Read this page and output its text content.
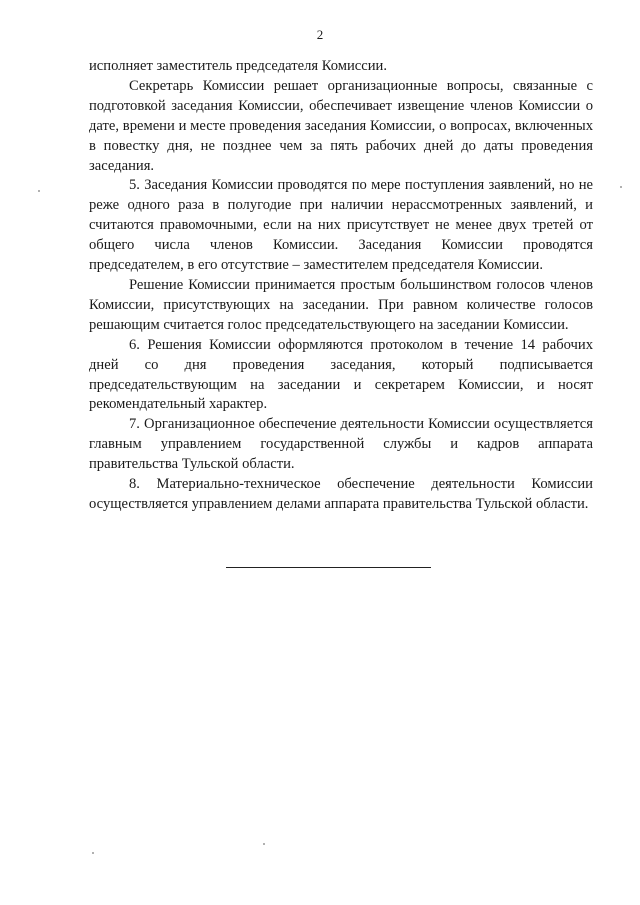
2

исполняет заместитель председателя Комиссии.

Секретарь Комиссии решает организационные вопросы, связанные с подготовкой заседания Комиссии, обеспечивает извещение членов Комиссии о дате, времени и месте проведения заседания Комиссии, о вопросах, включенных в повестку дня, не позднее чем за пять рабочих дней до даты проведения заседания.

5. Заседания Комиссии проводятся по мере поступления заявлений, но не реже одного раза в полугодие при наличии нерассмотренных заявлений, и считаются правомочными, если на них присутствует не менее двух третей от общего числа членов Комиссии. Заседания Комиссии проводятся председателем, в его отсутствие – заместителем председателя Комиссии.

Решение Комиссии принимается простым большинством голосов членов Комиссии, присутствующих на заседании. При равном количестве голосов решающим считается голос председательствующего на заседании Комиссии.

6. Решения Комиссии оформляются протоколом в течение 14 рабочих дней со дня проведения заседания, который подписывается председательствующим на заседании и секретарем Комиссии, и носят рекомендательный характер.

7. Организационное обеспечение деятельности Комиссии осуществляется главным управлением государственной службы и кадров аппарата правительства Тульской области.

8. Материально-техническое обеспечение деятельности Комиссии осуществляется управлением делами аппарата правительства Тульской области.
